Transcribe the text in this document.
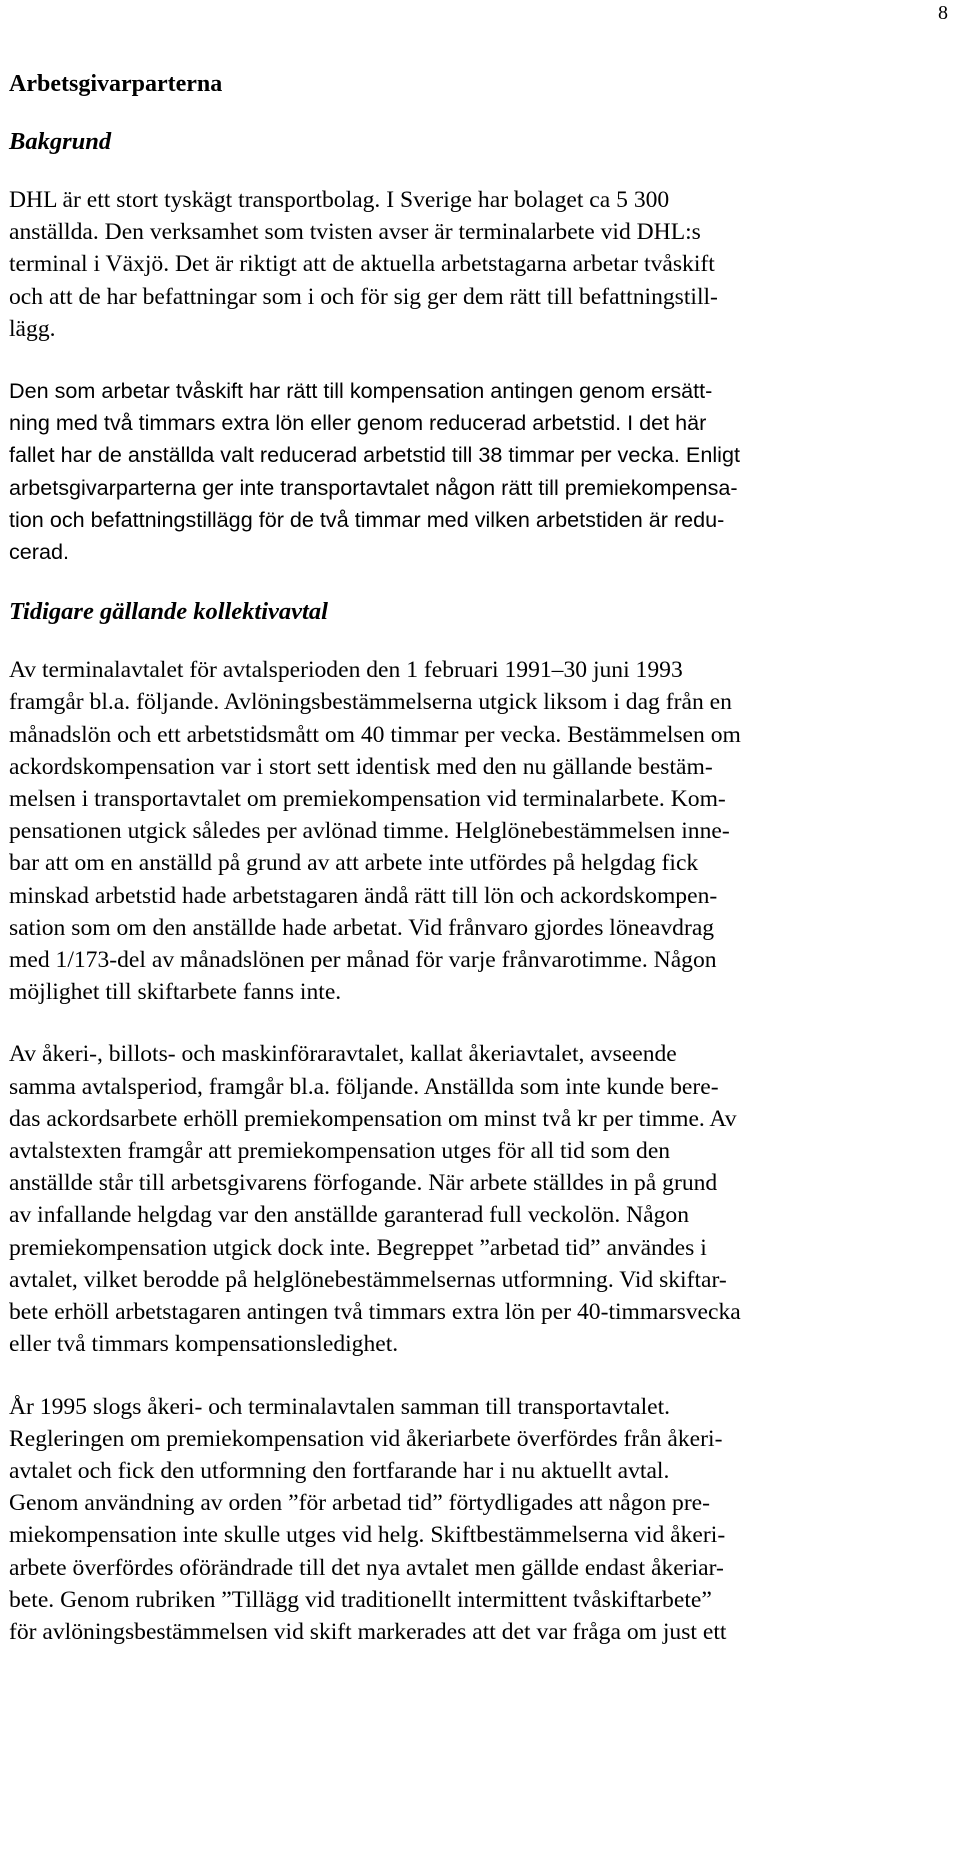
8
Arbetsgivarparterna
Bakgrund

DHL är ett stort tyskägt transportbolag. I Sverige har bolaget ca 5 300
anställda. Den verksamhet som tvisten avser är terminalarbete vid DHL:s
terminal i Växjö. Det är riktigt att de aktuella arbetstagarna arbetar tvåskift
och att de har befattningar som i och för sig ger dem rätt till befattningstill-
lägg.

Den som arbetar tvåskift har rätt till kompensation antingen genom ersätt-
ning med två timmars extra lön eller genom reducerad arbetstid. I det här
fallet har de anställda valt reducerad arbetstid till 38 timmar per vecka. Enligt
arbetsgivarparterna ger inte transportavtalet någon rätt till premiekompensa-
tion och befattningstillägg för de två timmar med vilken arbetstiden är redu-
cerad.

Tidigare gällande kollektivavtal

Av terminalavtalet för avtalsperioden den 1 februari 1991–30 juni 1993
framgår bl.a. följande. Avlöningsbestämmelserna utgick liksom i dag från en
månadslön och ett arbetstidsmått om 40 timmar per vecka. Bestämmelsen om
ackordskompensation var i stort sett identisk med den nu gällande bestäm-
melsen i transportavtalet om premiekompensation vid terminalarbete. Kom-
pensationen utgick således per avlönad timme. Helglönebestämmelsen inne-
bar att om en anställd på grund av att arbete inte utfördes på helgdag fick
minskad arbetstid hade arbetstagaren ändå rätt till lön och ackordskompen-
sation som om den anställde hade arbetat. Vid frånvaro gjordes löneavdrag
med 1/173-del av månadslönen per månad för varje frånvarotimme. Någon
möjlighet till skiftarbete fanns inte.

Av åkeri-, billots- och maskinföraravtalet, kallat åkeriavtalet, avseende
samma avtalsperiod, framgår bl.a. följande. Anställda som inte kunde bere-
das ackordsarbete erhöll premiekompensation om minst två kr per timme. Av
avtalstexten framgår att premiekompensation utges för all tid som den
anställde står till arbetsgivarens förfogande. När arbete ställdes in på grund
av infallande helgdag var den anställde garanterad full veckolön. Någon
premiekompensation utgick dock inte. Begreppet ”arbetad tid” användes i
avtalet, vilket berodde på helglönebestämmelsernas utformning. Vid skiftar-
bete erhöll arbetstagaren antingen två timmars extra lön per 40-timmarsvecka
eller två timmars kompensationsledighet.

År 1995 slogs åkeri- och terminalavtalen samman till transportavtalet.
Regleringen om premiekompensation vid åkeriarbete överfördes från åkeri-
avtalet och fick den utformning den fortfarande har i nu aktuellt avtal.
Genom användning av orden ”för arbetad tid” förtydligades att någon pre-
miekompensation inte skulle utges vid helg. Skiftbestämmelserna vid åkeri-
arbete överfördes oförändrade till det nya avtalet men gällde endast åkeriar-
bete. Genom rubriken ”Tillägg vid traditionellt intermittent tvåskiftarbete”
för avlöningsbestämmelsen vid skift markerades att det var fråga om just ett
